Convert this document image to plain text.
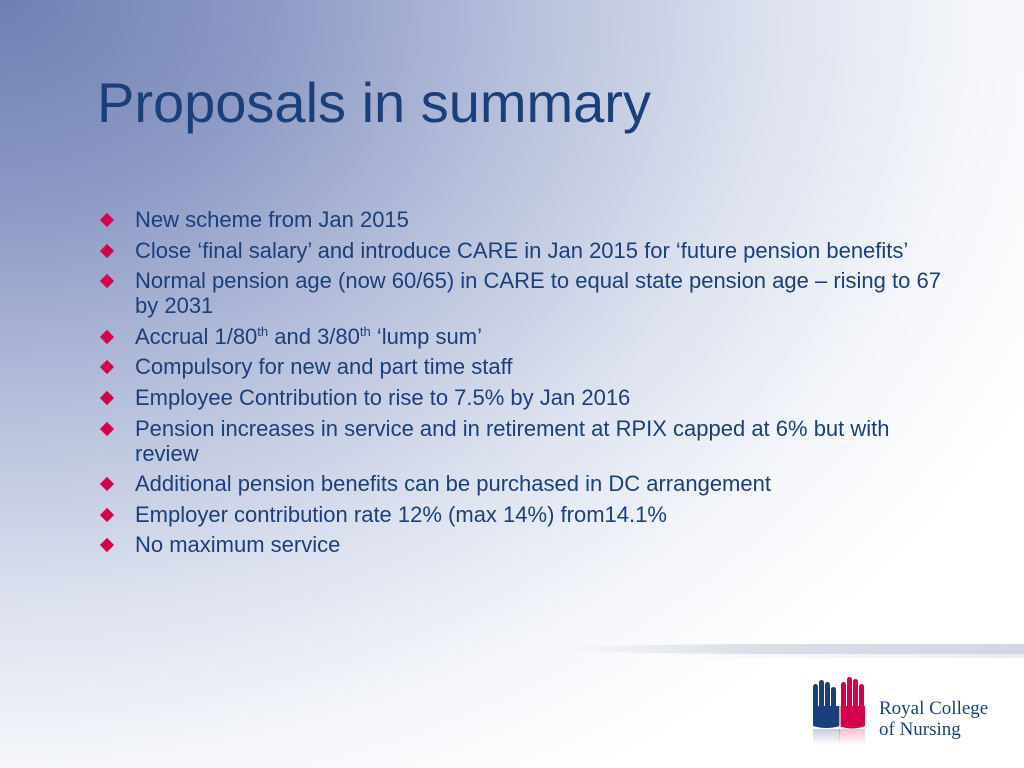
Proposals in summary
New scheme from Jan 2015
Close ‘final salary’ and introduce CARE in Jan 2015 for ‘future pension benefits’
Normal pension age (now 60/65) in CARE to equal state pension age – rising to 67 by 2031
Accrual 1/80th and 3/80th ‘lump sum’
Compulsory for new and part time staff
Employee Contribution to rise to 7.5% by Jan 2016
Pension increases in service and in retirement at RPIX capped at 6% but with review
Additional pension benefits can be purchased in DC arrangement
Employer contribution rate 12% (max 14%) from14.1%
No maximum service
Royal College
of Nursing
